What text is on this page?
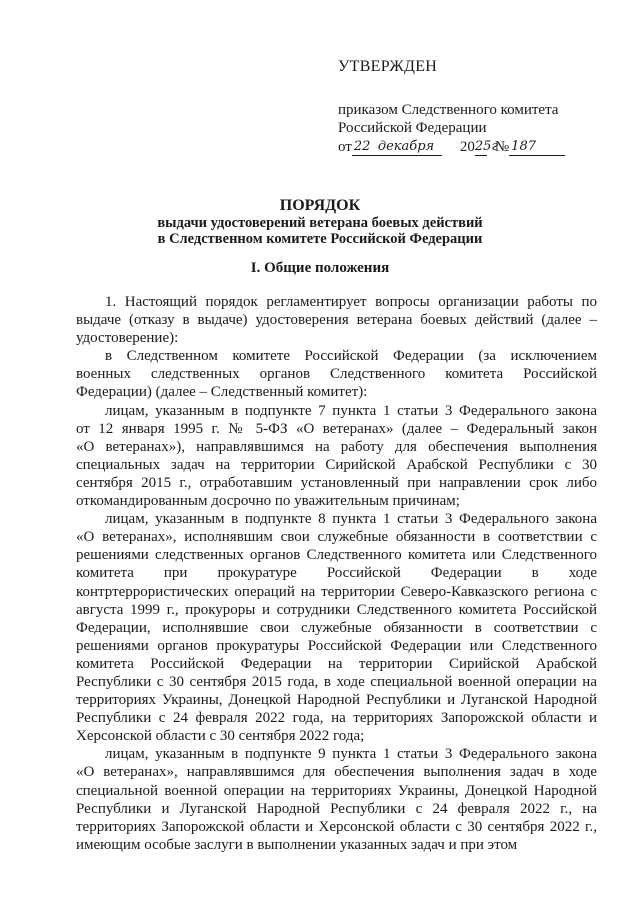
УТВЕРЖДЕН
приказом Следственного комитета
Российской Федерации
от 22 декабря	20 25г
№ 187
ПОРЯДОК
выдачи удостоверений ветерана боевых действий
в Следственном комитете Российской Федерации
I. Общие положения

1. Настоящий порядок регламентирует вопросы организации работы по

выдаче (отказу в выдаче) удостоверения ветерана боевых действий (далее –

удостоверение):

в Следственном комитете Российской Федерации (за исключением

военных следственных органов Следственного комитета Российской

Федерации) (далее – Следственный комитет):

лицам, указанным в подпункте 7 пункта 1 статьи 3 Федерального закона

от 12 января 1995 г. № 5-ФЗ «О ветеранах» (далее – Федеральный закон

«О ветеранах»), направлявшимся на работу для обеспечения выполнения

специальных задач на территории Сирийской Арабской Республики с 30

сентября 2015 г., отработавшим установленный при направлении срок либо

откомандированным досрочно по уважительным причинам;

лицам, указанным в подпункте 8 пункта 1 статьи 3 Федерального закона

«О ветеранах», исполнявшим свои служебные обязанности в соответствии с

решениями следственных органов Следственного комитета или Следственного

комитета при прокуратуре Российской Федерации в ходе

контртеррористических операций на территории Северо-Кавказского региона с

августа 1999 г., прокуроры и сотрудники Следственного комитета Российской

Федерации, исполнявшие свои служебные обязанности в соответствии с

решениями органов прокуратуры Российской Федерации или Следственного

комитета Российской Федерации на территории Сирийской Арабской

Республики с 30 сентября 2015 года, в ходе специальной военной операции на

территориях Украины, Донецкой Народной Республики и Луганской Народной

Республики с 24 февраля 2022 года, на территориях Запорожской области и

Херсонской области с 30 сентября 2022 года;

лицам, указанным в подпункте 9 пункта 1 статьи 3 Федерального закона

«О ветеранах», направлявшимся для обеспечения выполнения задач в ходе

специальной военной операции на территориях Украины, Донецкой Народной

Республики и Луганской Народной Республики с 24 февраля 2022 г., на

территориях Запорожской области и Херсонской области с 30 сентября 2022 г.,

имеющим особые заслуги в выполнении указанных задач и при этом
